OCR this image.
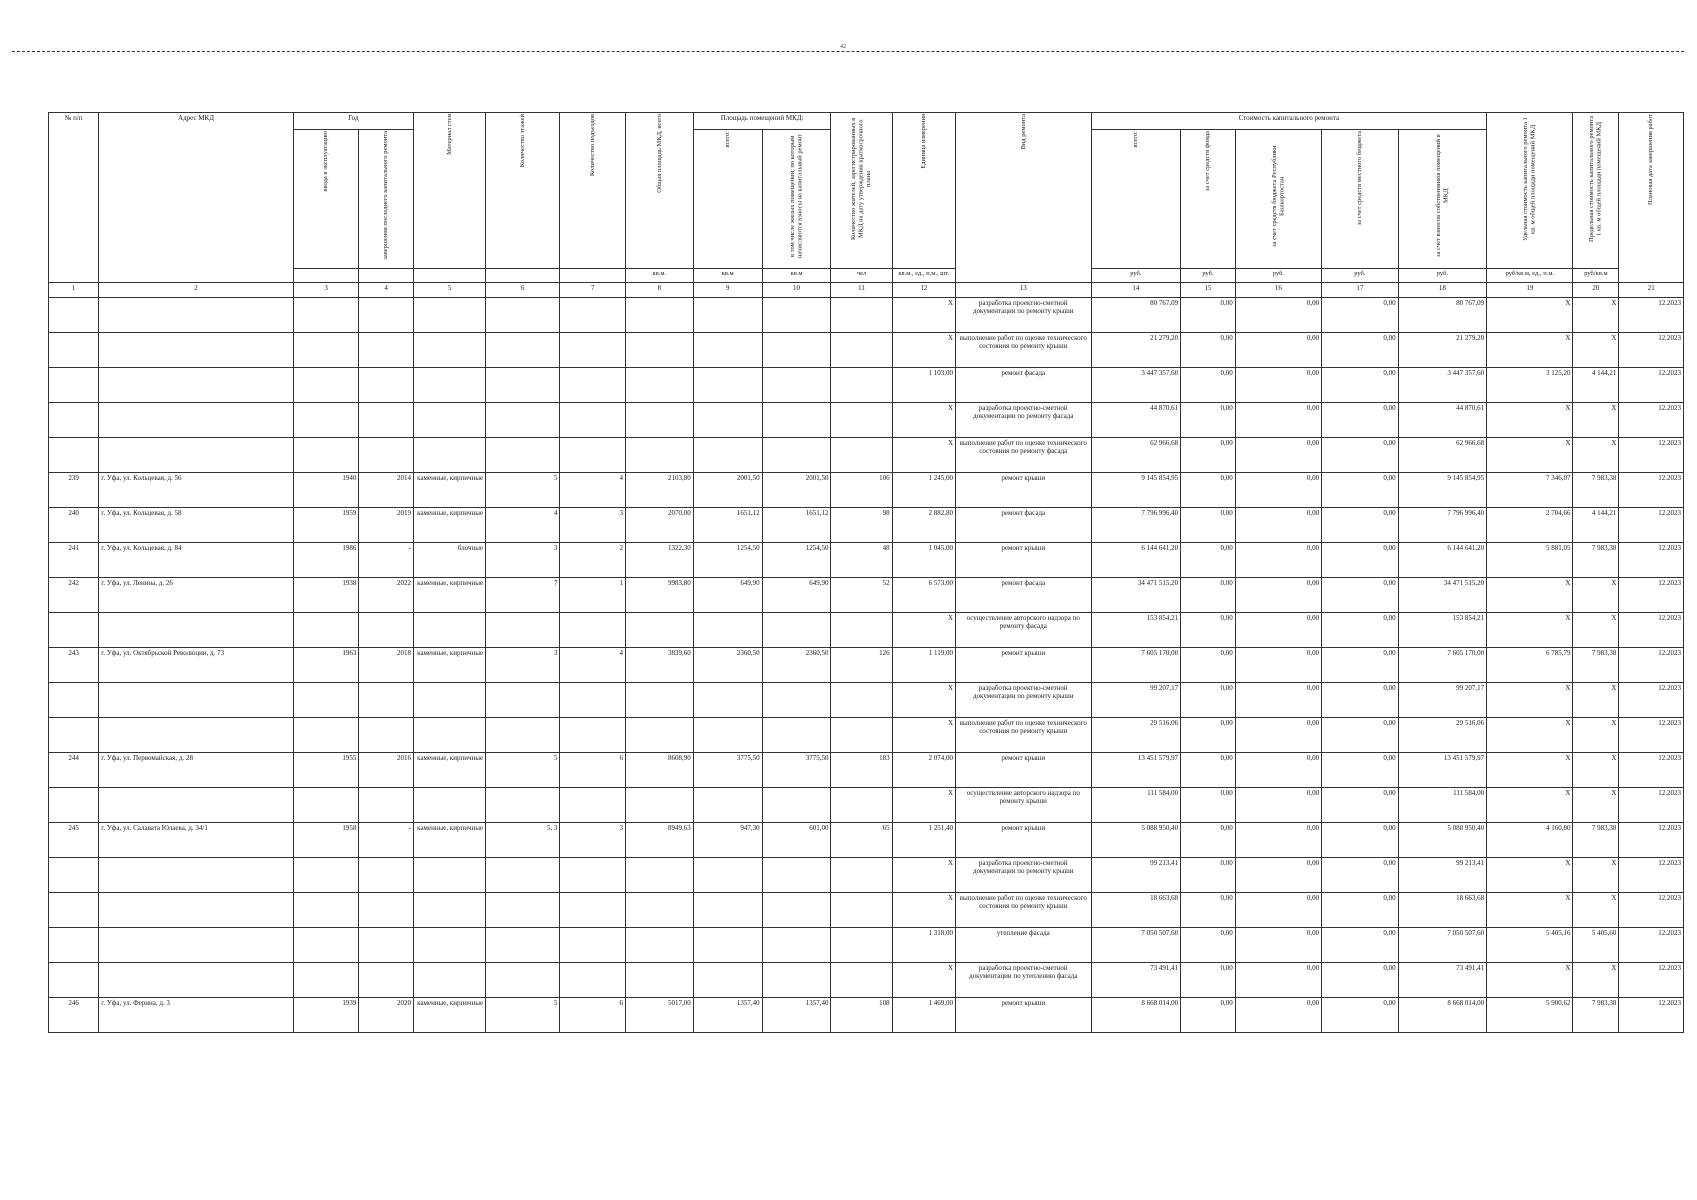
42
№ п/п	Адрес МКД	Год		Материал стен	Количество этажей	Количество подъездов	Общая площадь МКД, всего	Площадь помещений МКД:		Количество жителей, зарегистрированных в МКД на дату утверждения краткосрочного плана	Единица измерения	Вид ремонта	Стоимость капитального ремонта					Удельная стоимость капитального ремонта 1 кв. м общей площади помещений МКД	Предельная стоимость капитального ремонта 1 кв. м общей площади помещений МКД	Плановая дата завершения работ

		ввода в эксплуатацию	завершения последнего капитального ремонта					всего:	в том числе жилых помещений, по которым начисляются взносы на капитальный ремонт				всего:	за счет средств фонда	за счет средств бюджета Республики Башкортостан	за счет средств местного бюджета	за счет взносов собственников помещений в МКД			

							кв.м.	кв.м	кв.м	чел	кв.м., ед., п.м., шт.		руб.	руб.	руб.	руб.	руб.	руб/кв.м, ед., п.м.	руб/кв.м	
1	2	3	4	5	6	7	8	9	10	11	12	13	14	15	16	17	18	19	20	21
											X	разработка проектно-сметной документации по ремонту крыши	80 767,09	0,00	0,00	0,00	80 767,09	X	X	12.2023
											X	выполнение работ по оценке технического состояния по ремонту крыши	21 279,20	0,00	0,00	0,00	21 279,20	X	X	12.2023
											1 103,00	ремонт фасада	3 447 357,60	0,00	0,00	0,00	3 447 357,60	3 125,20	4 144,21	12.2023
											X	разработка проектно-сметной документации по ремонту фасада	44 870,61	0,00	0,00	0,00	44 870,61	X	X	12.2023
											X	выполнение работ по оценке технического состояния по ремонту фасада	62 966,68	0,00	0,00	0,00	62 966,68	X	X	12.2023
239	г. Уфа, ул. Кольцевая, д. 56	1940	2014	каменные, кирпичные	5	4	2103,80	2001,50	2001,50	106	1 245,00	ремонт крыши	9 145 854,95	0,00	0,00	0,00	9 145 854,95	7 346,07	7 983,38	12.2023
240	г. Уфа, ул. Кольцевая, д. 58	1959	2019	каменные, кирпичные	4	3	2070,00	1651,12	1651,12	98	2 882,80	ремонт фасада	7 796 996,40	0,00	0,00	0,00	7 796 996,40	2 704,66	4 144,21	12.2023
241	г. Уфа, ул. Кольцевая, д. 84	1986	-	блочные	3	2	1322,30	1254,50	1254,50	48	1 045,00	ремонт крыши	6 144 641,20	0,00	0,00	0,00	6 144 641,20	5 881,05	7 983,38	12.2023
242	г. Уфа, ул. Ленина, д. 26	1938	2022	каменные, кирпичные	7	1	9983,80	649,90	649,90	52	6 573,00	ремонт фасада	34 471 515,20	0,00	0,00	0,00	34 471 515,20	X	X	12.2023
											X	осуществление авторского надзора по ремонту фасада	153 854,21	0,00	0,00	0,00	153 854,21	X	X	12.2023
243	г. Уфа, ул. Октябрьской Революции, д. 73	1963	2018	каменные, кирпичные	3	4	3839,60	2360,50	2360,50	126	1 119,00	ремонт крыши	7 605 170,00	0,00	0,00	0,00	7 605 170,00	6 785,79	7 983,38	12.2023
											X	разработка проектно-сметной документации по ремонту крыши	99 207,17	0,00	0,00	0,00	99 207,17	X	X	12.2023
											X	выполнение работ по оценке технического состояния по ремонту крыши	29 516,06	0,00	0,00	0,00	29 516,06	X	X	12.2023
244	г. Уфа, ул. Первомайская, д. 28	1955	2016	каменные, кирпичные	5	6	8608,90	3775,50	3775,50	183	2 074,00	ремонт крыши	13 451 579,97	0,00	0,00	0,00	13 451 579,97	X	X	12.2023
											X	осуществление авторского надзора по ремонту крыши	111 584,00	0,00	0,00	0,00	111 584,00	X	X	12.2023
245	г. Уфа, ул. Салавата Юлаева, д. 34/1	1958	-	каменные, кирпичные	5, 3	3	8949,63	947,30	601,00	65	1 251,40	ремонт крыши	5 088 950,40	0,00	0,00	0,00	5 088 950,40	4 160,80	7 983,38	12.2023
											X	разработка проектно-сметной документации по ремонту крыши	99 213,41	0,00	0,00	0,00	99 213,41	X	X	12.2023
											X	выполнение работ по оценке технического состояния по ремонту крыши	18 663,68	0,00	0,00	0,00	18 663,68	X	X	12.2023
											1 318,00	утепление фасада	7 050 507,60	0,00	0,00	0,00	7 050 507,60	5 405,16	5 405,60	12.2023
											X	разработка проектно-сметной документации по утеплению фасада	73 491,41	0,00	0,00	0,00	73 491,41	X	X	12.2023
246	г. Уфа, ул. Ферина, д. 3	1939	2020	каменные, кирпичные	5	6	5017,00	1357,40	1357,40	108	1 469,00	ремонт крыши	8 668 014,00	0,00	0,00	0,00	8 668 014,00	5 900,62	7 983,38	12.2023
